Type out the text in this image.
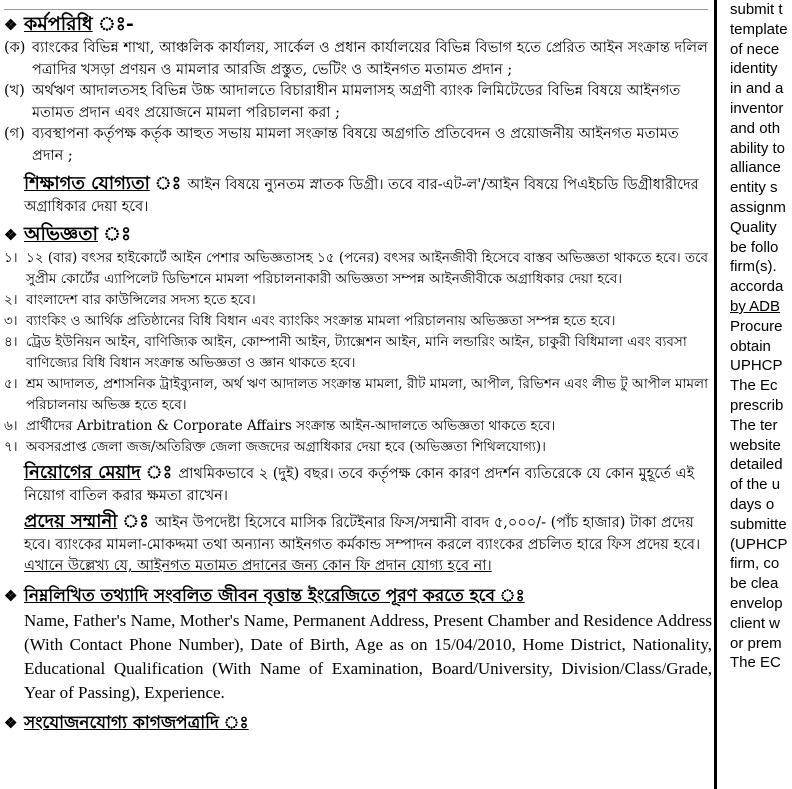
❖ কর্মপরিধি ঃ-
(ক) ব্যাংকের বিভিন্ন শাখা, আঞ্চলিক কার্যালয়, সার্কেল ও প্রধান কার্যালয়ের বিভিন্ন বিভাগ হতে প্রেরিত আইন সংক্রান্ত দলিল পত্রাদির খসড়া প্রণয়ন ও মামলার আরজি প্রস্তুত, ভেটিং ও আইনগত মতামত প্রদান ;
(খ) অর্থঋণ আদালতসহ বিভিন্ন উচ্চ আদালতে বিচারাধীন মামলাসহ অগ্রণী ব্যাংক লিমিটেডের বিভিন্ন বিষয়ে আইনগত মতামত প্রদান এবং প্রয়োজনে মামলা পরিচালনা করা ;
(গ) ব্যবস্থাপনা কর্তৃপক্ষ কর্তৃক আহুত সভায় মামলা সংক্রান্ত বিষয়ে অগ্রগতি প্রতিবেদন ও প্রয়োজনীয় আইনগত মতামত প্রদান ;
শিক্ষাগত যোগ্যতা ঃ আইন বিষয়ে ন্যুনতম স্নাতক ডিগ্রী। তবে বার-এট-ল'/আইন বিষয়ে পিএইচডি ডিগ্রীধারীদের অগ্রাধিকার দেয়া হবে।
❖ অভিজ্ঞতা ঃ
১। ১২ (বার) বৎসর হাইকোর্টে আইন পেশার অভিজ্ঞতাসহ ১৫ (পনের) বৎসর আইনজীবী হিসেবে বাস্তব অভিজ্ঞতা থাকতে হবে। তবে সুপ্রীম কোর্টের এ্যাপিলেট ডিভিশনে মামলা পরিচালনাকারী অভিজ্ঞতা সম্পন্ন আইনজীবীকে অগ্রাধিকার দেয়া হবে।
২। বাংলাদেশ বার কাউন্সিলের সদস্য হতে হবে।
৩। ব্যাংকিং ও আর্থিক প্রতিষ্ঠানের বিধি বিধান এবং ব্যাংকিং সংক্রান্ত মামলা পরিচালনায় অভিজ্ঞতা সম্পন্ন হতে হবে।
৪। ট্রেড ইউনিয়ন আইন, বাণিজ্যিক আইন, কোম্পানী আইন, ট্যাক্সেশন আইন, মানি লন্ডারিং আইন, চাকুরী বিধিমালা এবং ব্যবসা বাণিজ্যের বিধি বিধান সংক্রান্ত অভিজ্ঞতা ও জ্ঞান থাকতে হবে।
৫। শ্রম আদালত, প্রশাসনিক ট্রাইব্যুনাল, অর্থ ঋণ আদালত সংক্রান্ত মামলা, রীট মামলা, আপীল, রিভিশন এবং লীভ টু আপীল মামলা পরিচালনায় অভিজ্ঞ হতে হবে।
৬। প্রার্থীদের Arbitration & Corporate Affairs সংক্রান্ত আইন-আদালতে অভিজ্ঞতা থাকতে হবে।
৭। অবসরপ্রাপ্ত জেলা জজ/অতিরিক্ত জেলা জজদের অগ্রাধিকার দেয়া হবে (অভিজ্ঞতা শিথিলযোগ্য)।
নিয়োগের মেয়াদ ঃ প্রাথমিকভাবে ২ (দুই) বছর। তবে কর্তৃপক্ষ কোন কারণ প্রদর্শন ব্যতিরেকে যে কোন মুহূর্তে এই নিয়োগ বাতিল করার ক্ষমতা রাখেন।
প্রদেয় সম্মানী ঃ আইন উপদেষ্টা হিসেবে মাসিক রিটেইনার ফিস/সম্মানী বাবদ ৫,০০০/- (পাঁচ হাজার) টাকা প্রদেয় হবে। ব্যাংকের মামলা-মোকদ্দমা তথা অন্যান্য আইনগত কর্মকান্ড সম্পাদন করলে ব্যাংকের প্রচলিত হারে ফিস প্রদেয় হবে। এখানে উল্লেখ্য যে, আইনগত মতামত প্রদানের জন্য কোন ফি প্রদান যোগ্য হবে না।
❖ নিম্নলিখিত তথ্যাদি সংবলিত জীবন বৃত্তান্ত ইংরেজিতে পূরণ করতে হবে ঃ
Name, Father's Name, Mother's Name, Permanent Address, Present Chamber and Residence Address (With Contact Phone Number), Date of Birth, Age as on 15/04/2010, Home District, Nationality, Educational Qualification (With Name of Examination, Board/University, Division/Class/Grade, Year of Passing), Experience.
❖ সংযোজনযোগ্য কাগজপত্রাদি ঃ
submit t
template
of nece
identity
in and a
inventor
and oth
ability to
alliance
entity s
assignm
Quality
be follo
firm(s).
accorda
by ADB
Procure
obtain
UPHCP
The Ec
prescrib
The ter
website
detailed
of the u
days o
submitte
(UPHCP
firm, co
be clea
envelop
client w
or prem
The EC
